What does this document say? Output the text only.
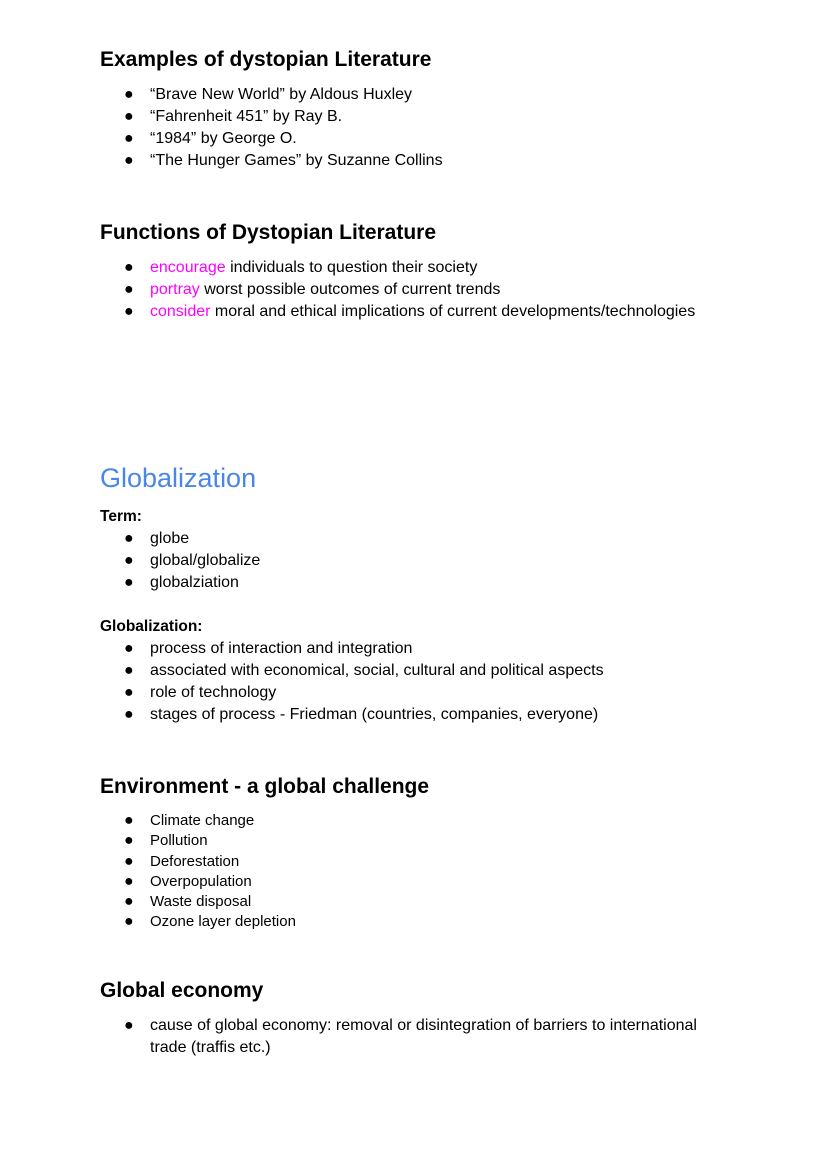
Examples of dystopian Literature
● “Brave New World” by Aldous Huxley
● “Fahrenheit 451” by Ray B.
● “1984” by George O.
● “The Hunger Games” by Suzanne Collins
Functions of Dystopian Literature
● encourage individuals to question their society
● portray worst possible outcomes of current trends
● consider moral and ethical implications of current developments/technologies
Globalization
Term:
● globe
● global/globalize
● globalziation
Globalization:
● process of interaction and integration
● associated with economical, social, cultural and political aspects
● role of technology
● stages of process - Friedman (countries, companies, everyone)
Environment - a global challenge
● Climate change
● Pollution
● Deforestation
● Overpopulation
● Waste disposal
● Ozone layer depletion
Global economy
● cause of global economy: removal or disintegration of barriers to international trade (traffis etc.)
